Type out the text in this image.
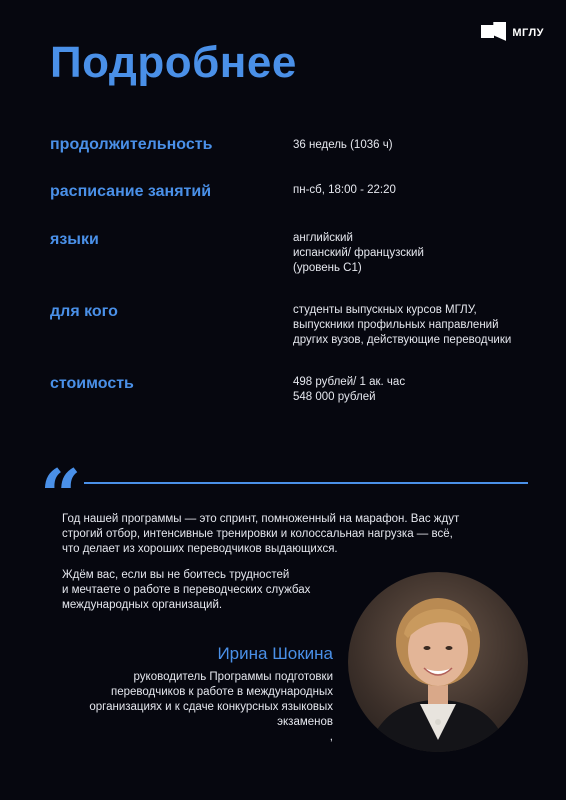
МГЛУ
Подробнее
продолжительность	36 недель (1036 ч)
расписание занятий	пн-сб, 18:00 - 22:20
языки	английский
испанский/ французский
(уровень С1)
для кого	студенты выпускных курсов МГЛУ,
выпускники профильных направлений
других вузов, действующие переводчики
стоимость	498 рублей/ 1 ак. час
548 000 рублей
“

Год нашей программы — это спринт, помноженный на марафон. Вас ждут
строгий отбор, интенсивные тренировки и колоссальная нагрузка — всё,
что делает из хороших переводчиков выдающихся.

Ждём вас, если вы не боитесь трудностей
и мечтаете о работе в переводческих службах
международных организаций.

Ирина Шокина

руководитель Программы подготовки
переводчиков к работе в международных
организациях и к сдаче конкурсных языковых
экзаменов
,
